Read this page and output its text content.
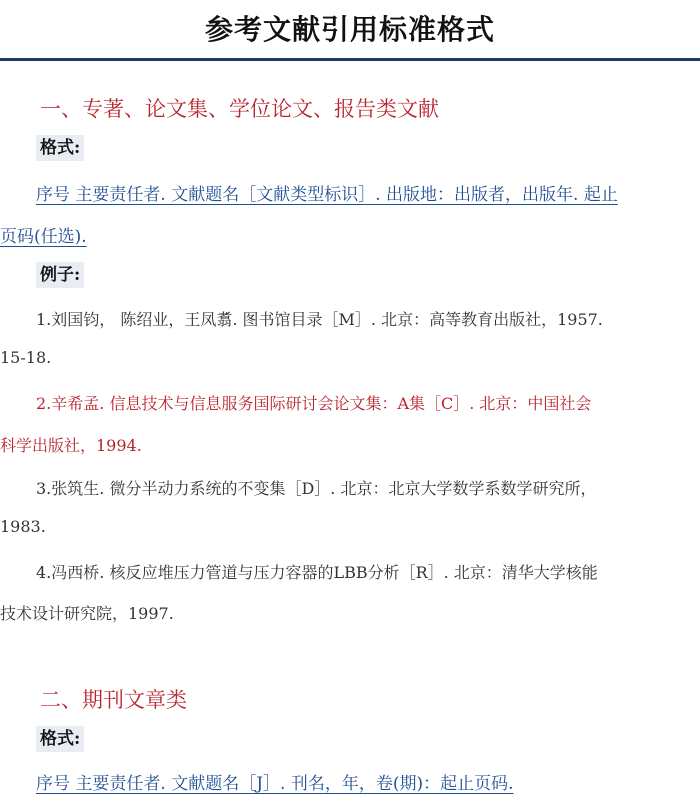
参考文献引用标准格式
一、专著、论文集、学位论文、报告类文献
格式:
序号 主要责任者. 文献题名［文献类型标识］. 出版地：出版者，出版年. 起止
页码(任选).
例子:
1.刘国钧， 陈绍业，王凤翥. 图书馆目录［M］. 北京：高等教育出版社，1957.
15-18.
2.辛希孟. 信息技术与信息服务国际研讨会论文集：A集［C］. 北京：中国社会
科学出版社，1994.
3.张筑生. 微分半动力系统的不变集［D］. 北京：北京大学数学系数学研究所，
1983.
4.冯西桥. 核反应堆压力管道与压力容器的LBB分析［R］. 北京：清华大学核能
技术设计研究院，1997.
二、期刊文章类
格式:
序号 主要责任者. 文献题名［J］. 刊名，年，卷(期)：起止页码.
